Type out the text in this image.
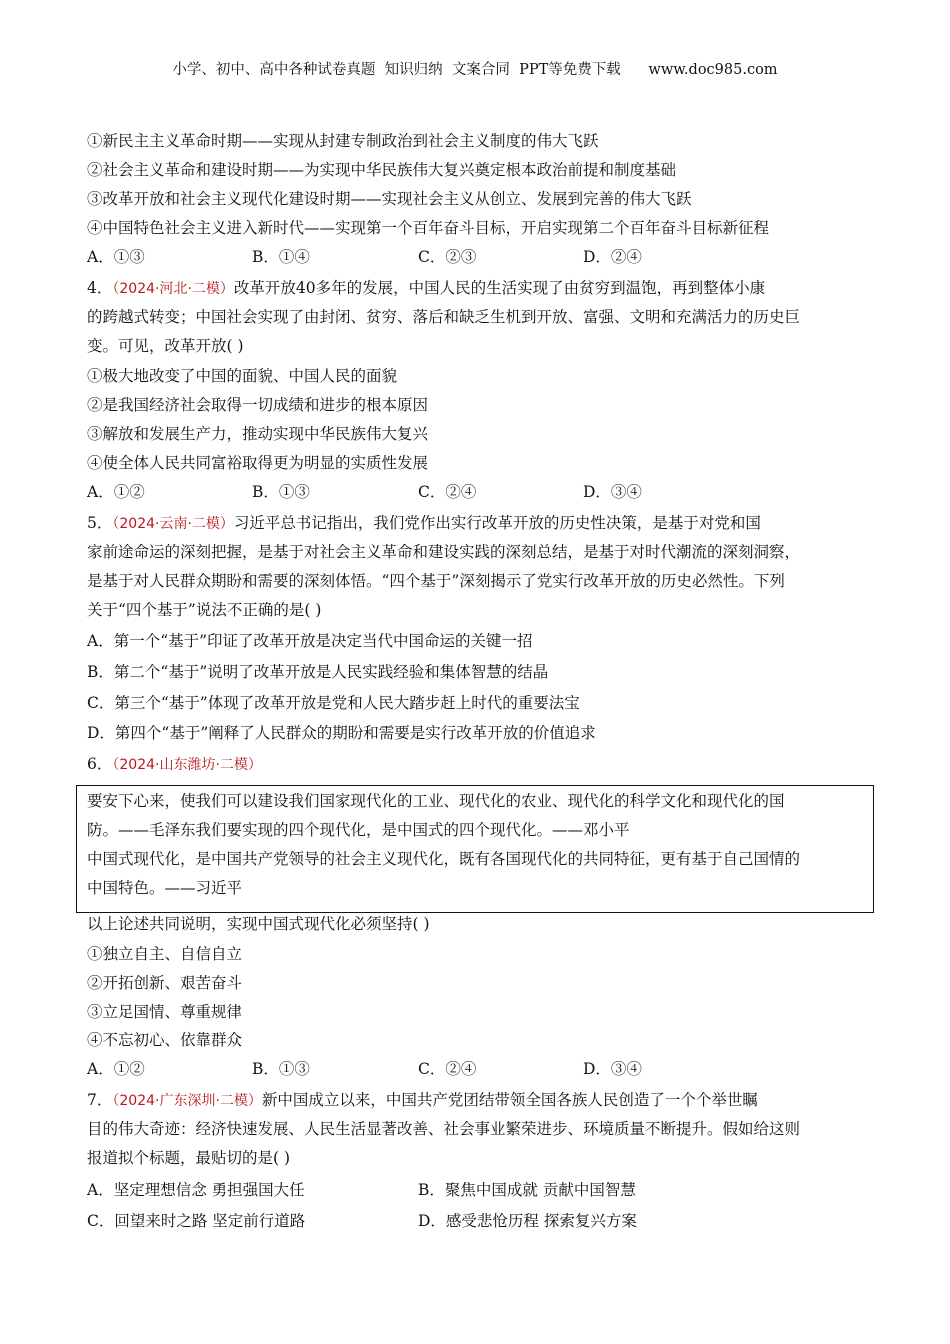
小学、初中、高中各种试卷真题  知识归纳  文案合同  PPT等免费下载      www.doc985.com
①新民主主义革命时期——实现从封建专制政治到社会主义制度的伟大飞跃
②社会主义革命和建设时期——为实现中华民族伟大复兴奠定根本政治前提和制度基础
③改革开放和社会主义现代化建设时期——实现社会主义从创立、发展到完善的伟大飞跃
④中国特色社会主义进入新时代——实现第一个百年奋斗目标，开启实现第二个百年奋斗目标新征程
A．①③	B．①④	C．②③	D．②④
4．（2024·河北·二模）改革开放40多年的发展，中国人民的生活实现了由贫穷到温饱，再到整体小康
的跨越式转变；中国社会实现了由封闭、贫穷、落后和缺乏生机到开放、富强、文明和充满活力的历史巨
变。可见，改革开放( )
①极大地改变了中国的面貌、中国人民的面貌
②是我国经济社会取得一切成绩和进步的根本原因
③解放和发展生产力，推动实现中华民族伟大复兴
④使全体人民共同富裕取得更为明显的实质性发展
A．①②	B．①③	C．②④	D．③④
5．（2024·云南·二模）习近平总书记指出，我们党作出实行改革开放的历史性决策，是基于对党和国
家前途命运的深刻把握，是基于对社会主义革命和建设实践的深刻总结，是基于对时代潮流的深刻洞察，
是基于对人民群众期盼和需要的深刻体悟。“四个基于”深刻揭示了党实行改革开放的历史必然性。下列
关于“四个基于”说法不正确的是( )
A．第一个“基于”印证了改革开放是决定当代中国命运的关键一招
B．第二个“基于”说明了改革开放是人民实践经验和集体智慧的结晶
C．第三个“基于”体现了改革开放是党和人民大踏步赶上时代的重要法宝
D．第四个“基于”阐释了人民群众的期盼和需要是实行改革开放的价值追求
6．（2024·山东潍坊·二模）
要安下心来，使我们可以建设我们国家现代化的工业、现代化的农业、现代化的科学文化和现代化的国
防。——毛泽东我们要实现的四个现代化，是中国式的四个现代化。——邓小平
中国式现代化，是中国共产党领导的社会主义现代化，既有各国现代化的共同特征，更有基于自己国情的
中国特色。——习近平
以上论述共同说明，实现中国式现代化必须坚持( )
①独立自主、自信自立
②开拓创新、艰苦奋斗
③立足国情、尊重规律
④不忘初心、依靠群众
A．①②	B．①③	C．②④	D．③④
7．（2024·广东深圳·二模）新中国成立以来，中国共产党团结带领全国各族人民创造了一个个举世瞩
目的伟大奇迹：经济快速发展、人民生活显著改善、社会事业繁荣进步、环境质量不断提升。假如给这则
报道拟个标题，最贴切的是( )
A．坚定理想信念 勇担强国大任	B．聚焦中国成就 贡献中国智慧
C．回望来时之路 坚定前行道路	D．感受悲怆历程 探索复兴方案
